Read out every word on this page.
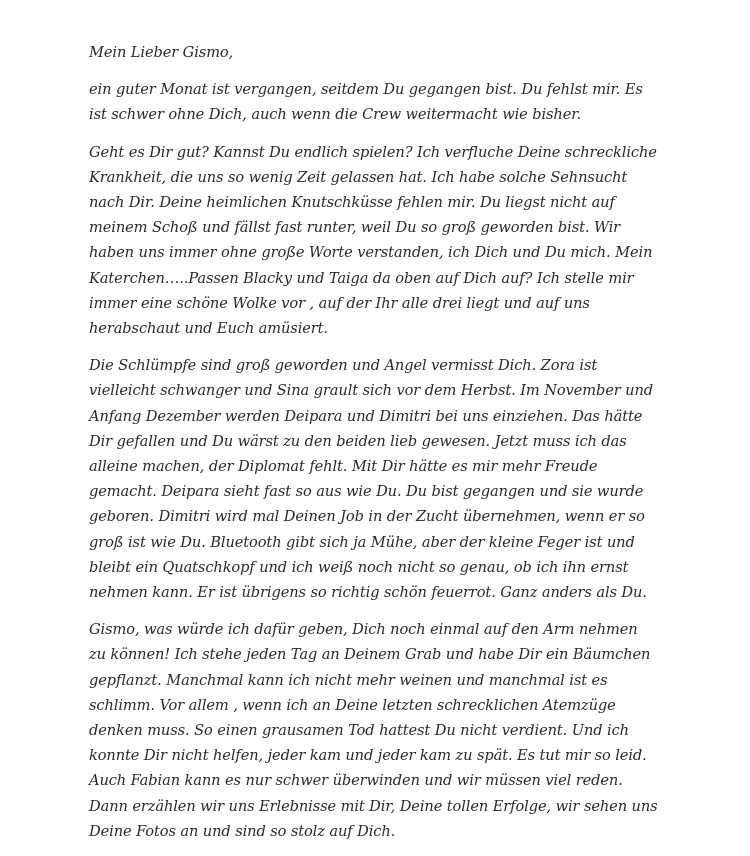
Mein Lieber Gismo,
ein guter Monat ist vergangen, seitdem Du gegangen bist. Du fehlst mir. Es
ist schwer ohne Dich, auch wenn die Crew weitermacht wie bisher.
Geht es Dir gut? Kannst Du endlich spielen? Ich verfluche Deine schreckliche
Krankheit, die uns so wenig Zeit gelassen hat. Ich habe solche Sehnsucht
nach Dir. Deine heimlichen Knutschküsse fehlen mir. Du liegst nicht auf
meinem Schoß und fällst fast runter, weil Du so groß geworden bist. Wir
haben uns immer ohne große Worte verstanden, ich Dich und Du mich. Mein
Katerchen…..Passen Blacky und Taiga da oben auf Dich auf? Ich stelle mir
immer eine schöne Wolke vor , auf der Ihr alle drei liegt und auf uns
herabschaut und Euch amüsiert.
Die Schlümpfe sind groß geworden und Angel vermisst Dich. Zora ist
vielleicht schwanger und Sina grault sich vor dem Herbst. Im November und
Anfang Dezember werden Deipara und Dimitri bei uns einziehen. Das hätte
Dir gefallen und Du wärst zu den beiden lieb gewesen. Jetzt muss ich das
alleine machen, der Diplomat fehlt. Mit Dir hätte es mir mehr Freude
gemacht. Deipara sieht fast so aus wie Du. Du bist gegangen und sie wurde
geboren. Dimitri wird mal Deinen Job in der Zucht übernehmen, wenn er so
groß ist wie Du. Bluetooth gibt sich ja Mühe, aber der kleine Feger ist und
bleibt ein Quatschkopf und ich weiß noch nicht so genau, ob ich ihn ernst
nehmen kann. Er ist übrigens so richtig schön feuerrot. Ganz anders als Du.
Gismo, was würde ich dafür geben, Dich noch einmal auf den Arm nehmen
zu können! Ich stehe jeden Tag an Deinem Grab und habe Dir ein Bäumchen
gepflanzt. Manchmal kann ich nicht mehr weinen und manchmal ist es
schlimm. Vor allem , wenn ich an Deine letzten schrecklichen Atemzüge
denken muss. So einen grausamen Tod hattest Du nicht verdient. Und ich
konnte Dir nicht helfen, jeder kam und jeder kam zu spät. Es tut mir so leid.
Auch Fabian kann es nur schwer überwinden und wir müssen viel reden.
Dann erzählen wir uns Erlebnisse mit Dir, Deine tollen Erfolge, wir sehen uns
Deine Fotos an und sind so stolz auf Dich.
